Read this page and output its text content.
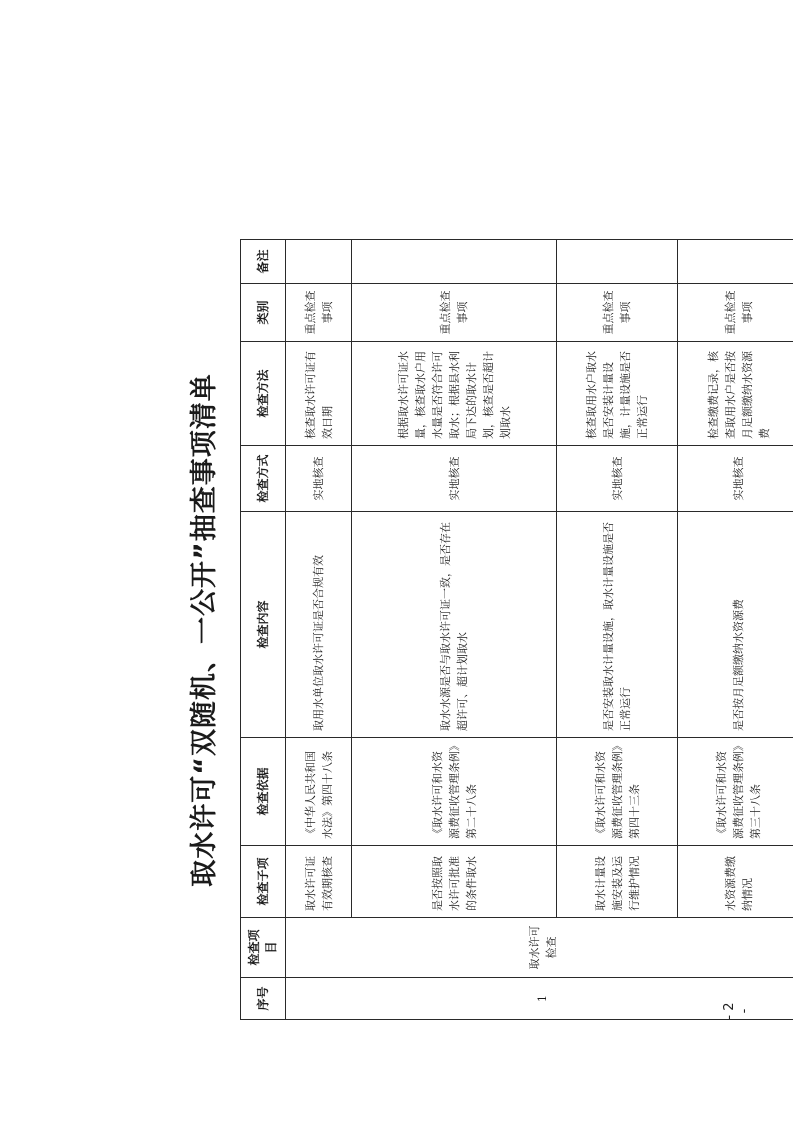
取水许可“双随机、一公开”抽查事项清单
序号	检查项目	检查子项	检查依据	检查内容	检查方式	检查方法	类别	备注
1	取水许可检查	取水许可证有效期核查	《中华人民共和国水法》第四十八条	取用水单位取水许可证是否合规有效	实地核查	核查取水许可证有效日期	重点检查事项	
		是否按照取水许可批准的条件取水	《取水许可和水资源费征收管理条例》第二十八条	取水水源是否与取水许可证一致，是否存在超许可、超计划取水	实地核查	根据取水许可证水量，核查取水户用水量是否符合许可取水；根据县水利局下达的取水计划，核查是否超计划取水	重点检查事项	
		取水计量设施安装及运行维护情况	《取水许可和水资源费征收管理条例》第四十三条	是否安装取水计量设施，取水计量设施是否正常运行	实地核查	核查取用水户取水是否安装计量设施，计量设施是否正常运行	重点检查事项	
		水资源费缴纳情况	《取水许可和水资源费征收管理条例》第三十八条	是否按月足额缴纳水资源费	实地核查	检查缴费记录，核查取用水户是否按月足额缴纳水资源费	重点检查事项	
- 2 -
